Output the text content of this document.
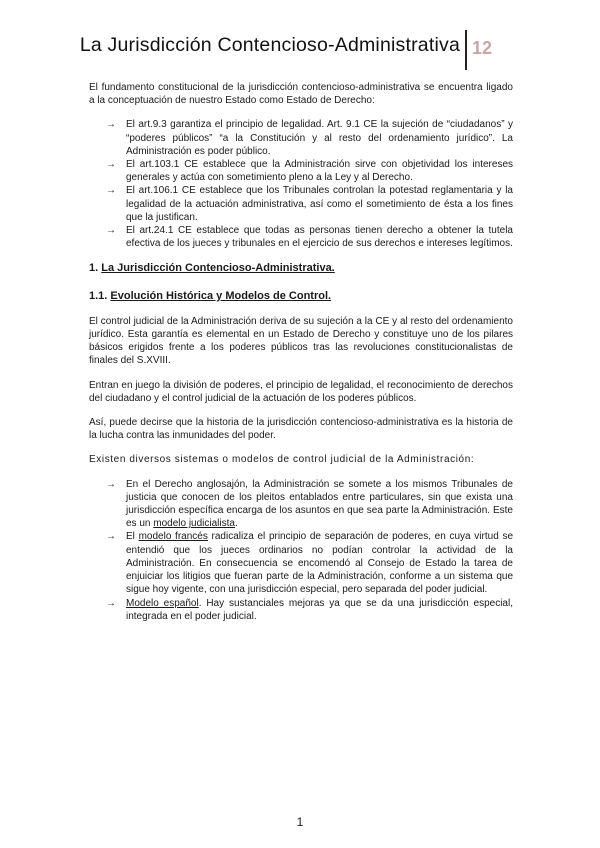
La Jurisdicción Contencioso-Administrativa 12

El fundamento constitucional de la jurisdicción contencioso-administrativa se encuentra ligado a la conceptuación de nuestro Estado como Estado de Derecho:

→ El art.9.3 garantiza el principio de legalidad. Art. 9.1 CE la sujeción de “ciudadanos” y “poderes públicos” “a la Constitución y al resto del ordenamiento jurídico”. La Administración es poder público.
→ El art.103.1 CE establece que la Administración sirve con objetividad los intereses generales y actúa con sometimiento pleno a la Ley y al Derecho.
→ El art.106.1 CE establece que los Tribunales controlan la potestad reglamentaria y la legalidad de la actuación administrativa, así como el sometimiento de ésta a los fines que la justifican.
→ El art.24.1 CE establece que todas as personas tienen derecho a obtener la tutela efectiva de los jueces y tribunales en el ejercicio de sus derechos e intereses legítimos.
1. La Jurisdicción Contencioso-Administrativa.
1.1. Evolución Histórica y Modelos de Control.

El control judicial de la Administración deriva de su sujeción a la CE y al resto del ordenamiento jurídico. Esta garantía es elemental en un Estado de Derecho y constituye uno de los pilares básicos erigidos frente a los poderes públicos tras las revoluciones constitucionalistas de finales del S.XVIII.

Entran en juego la división de poderes, el principio de legalidad, el reconocimiento de derechos del ciudadano y el control judicial de la actuación de los poderes públicos.

Así, puede decirse que la historia de la jurisdicción contencioso-administrativa es la historia de la lucha contra las inmunidades del poder.

Existen diversos sistemas o modelos de control judicial de la Administración:

→ En el Derecho anglosajón, la Administración se somete a los mismos Tribunales de justicia que conocen de los pleitos entablados entre particulares, sin que exista una jurisdicción específica encarga de los asuntos en que sea parte la Administración. Este es un modelo judicialista.
→ El modelo francés radicaliza el principio de separación de poderes, en cuya virtud se entendió que los jueces ordinarios no podían controlar la actividad de la Administración. En consecuencia se encomendó al Consejo de Estado la tarea de enjuiciar los litigios que fueran parte de la Administración, conforme a un sistema que sigue hoy vigente, con una jurisdicción especial, pero separada del poder judicial.
→ Modelo español. Hay sustanciales mejoras ya que se da una jurisdicción especial, integrada en el poder judicial.
1
